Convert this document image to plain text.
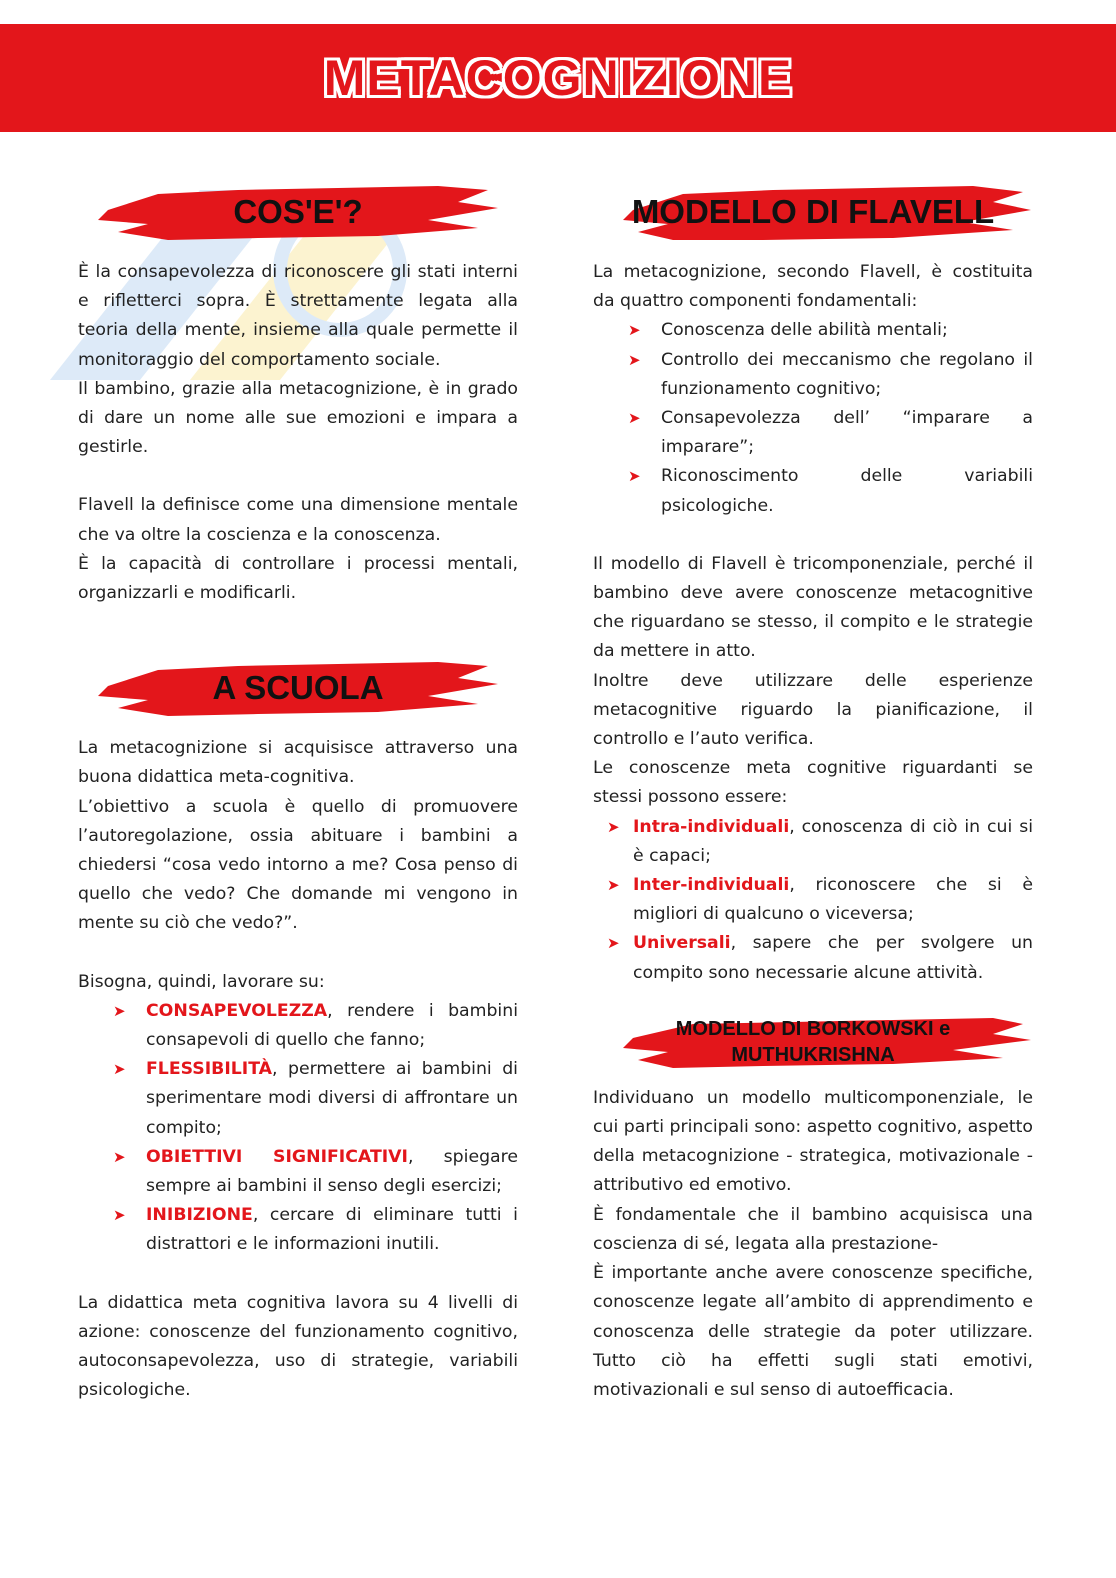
METACOGNIZIONE
COS'E'?

È la consapevolezza di riconoscere gli stati interni e rifletterci sopra. È strettamente legata alla teoria della mente, insieme alla quale permette il monitoraggio del comportamento sociale.

Il bambino, grazie alla metacognizione, è in grado di dare un nome alle sue emozioni e impara a gestirle.

Flavell la definisce come una dimensione mentale che va oltre la coscienza e la conoscenza.

È la capacità di controllare i processi mentali, organizzarli e modificarli.

A SCUOLA

La metacognizione si acquisisce attraverso una buona didattica meta-cognitiva.

L’obiettivo a scuola è quello di promuovere l’autoregolazione, ossia abituare i bambini a chiedersi “cosa vedo intorno a me? Cosa penso di quello che vedo? Che domande mi vengono in mente su ciò che vedo?”.

Bisogna, quindi, lavorare su:

➤ CONSAPEVOLEZZA, rendere i bambini consapevoli di quello che fanno;
➤ FLESSIBILITÀ, permettere ai bambini di sperimentare modi diversi di affrontare un compito;
➤ OBIETTIVI SIGNIFICATIVI, spiegare sempre ai bambini il senso degli esercizi;
➤ INIBIZIONE, cercare di eliminare tutti i distrattori e le informazioni inutili.

La didattica meta cognitiva lavora su 4 livelli di azione: conoscenze del funzionamento cognitivo, autoconsapevolezza, uso di strategie, variabili psicologiche.

MODELLO DI FLAVELL

La metacognizione, secondo Flavell, è costituita da quattro componenti fondamentali:

➤ Conoscenza delle abilità mentali;
➤ Controllo dei meccanismo che regolano il funzionamento cognitivo;
➤ Consapevolezza dell’ “imparare a imparare”;
➤ Riconoscimento delle variabili psicologiche.

Il modello di Flavell è tricomponenziale, perché il bambino deve avere conoscenze metacognitive che riguardano se stesso, il compito e le strategie da mettere in atto.

Inoltre deve utilizzare delle esperienze metacognitive riguardo la pianificazione, il controllo e l’auto verifica.

Le conoscenze meta cognitive riguardanti se stessi possono essere:

➤ Intra-individuali, conoscenza di ciò in cui si è capaci;
➤ Inter-individuali, riconoscere che si è migliori di qualcuno o viceversa;
➤ Universali, sapere che per svolgere un compito sono necessarie alcune attività.
MODELLO DI BORKOWSKI e
MUTHUKRISHNA

Individuano un modello multicomponenziale, le cui parti principali sono: aspetto cognitivo, aspetto della metacognizione - strategica, motivazionale - attributivo ed emotivo.

È fondamentale che il bambino acquisisca una coscienza di sé, legata alla prestazione-

È importante anche avere conoscenze specifiche, conoscenze legate all’ambito di apprendimento e conoscenza delle strategie da poter utilizzare. Tutto ciò ha effetti sugli stati emotivi, motivazionali e sul senso di autoefficacia.
